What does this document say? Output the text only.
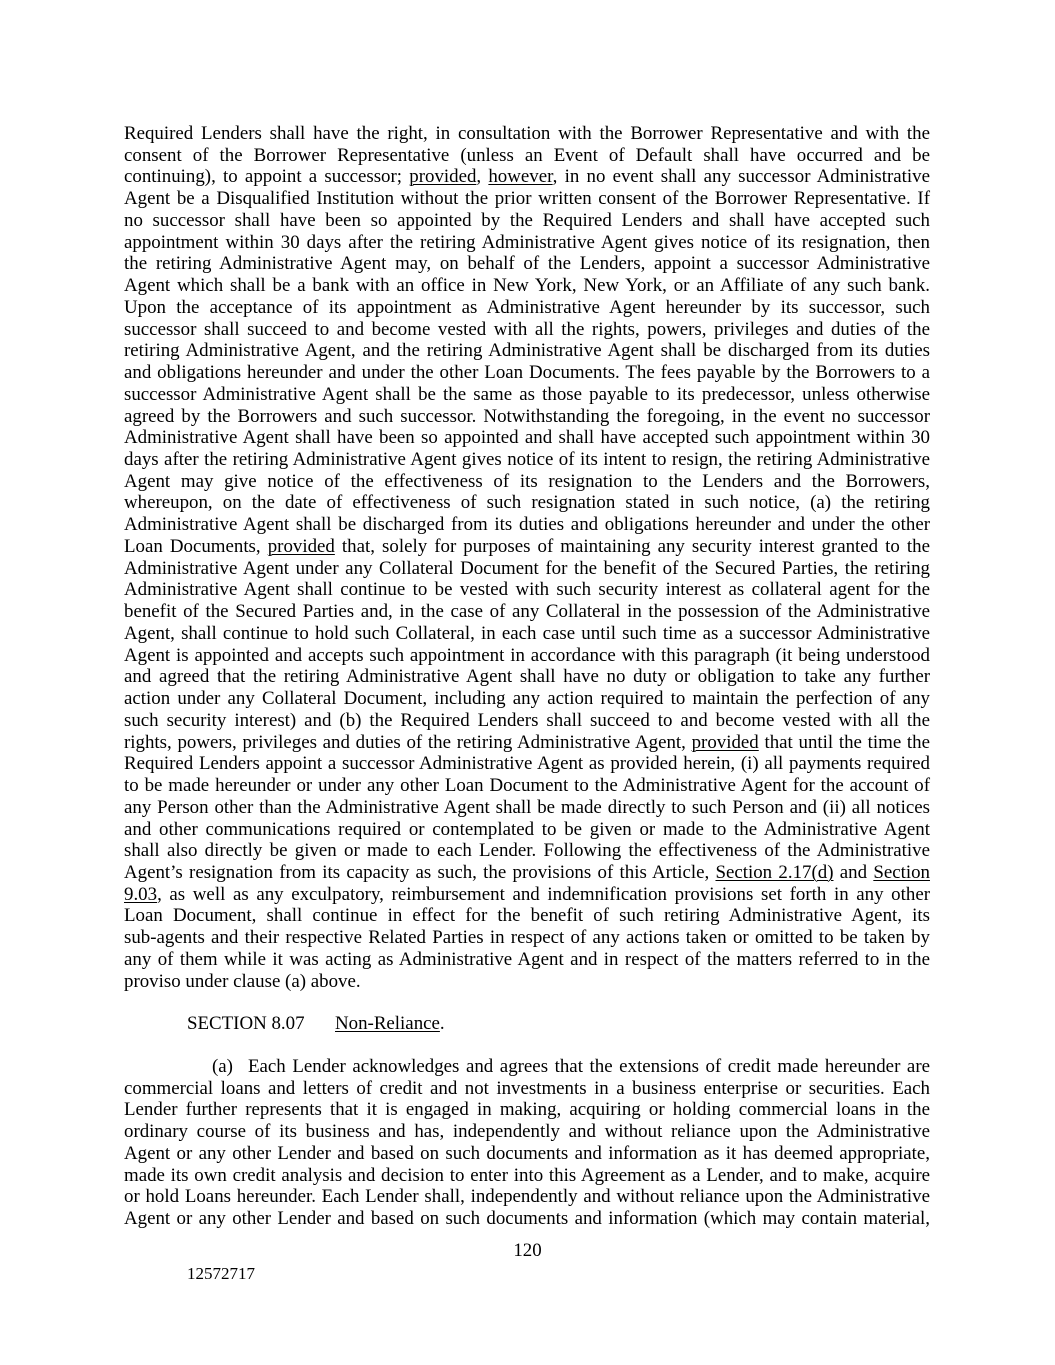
Required Lenders shall have the right, in consultation with the Borrower Representative and with the
consent of the Borrower Representative (unless an Event of Default shall have occurred and be
continuing), to appoint a successor; provided, however, in no event shall any successor Administrative
Agent be a Disqualified Institution without the prior written consent of the Borrower Representative. If
no successor shall have been so appointed by the Required Lenders and shall have accepted such
appointment within 30 days after the retiring Administrative Agent gives notice of its resignation, then
the retiring Administrative Agent may, on behalf of the Lenders, appoint a successor Administrative
Agent which shall be a bank with an office in New York, New York, or an Affiliate of any such bank.
Upon the acceptance of its appointment as Administrative Agent hereunder by its successor, such
successor shall succeed to and become vested with all the rights, powers, privileges and duties of the
retiring Administrative Agent, and the retiring Administrative Agent shall be discharged from its duties
and obligations hereunder and under the other Loan Documents. The fees payable by the Borrowers to a
successor Administrative Agent shall be the same as those payable to its predecessor, unless otherwise
agreed by the Borrowers and such successor. Notwithstanding the foregoing, in the event no successor
Administrative Agent shall have been so appointed and shall have accepted such appointment within 30
days after the retiring Administrative Agent gives notice of its intent to resign, the retiring Administrative
Agent may give notice of the effectiveness of its resignation to the Lenders and the Borrowers,
whereupon, on the date of effectiveness of such resignation stated in such notice, (a) the retiring
Administrative Agent shall be discharged from its duties and obligations hereunder and under the other
Loan Documents, provided that, solely for purposes of maintaining any security interest granted to the
Administrative Agent under any Collateral Document for the benefit of the Secured Parties, the retiring
Administrative Agent shall continue to be vested with such security interest as collateral agent for the
benefit of the Secured Parties and, in the case of any Collateral in the possession of the Administrative
Agent, shall continue to hold such Collateral, in each case until such time as a successor Administrative
Agent is appointed and accepts such appointment in accordance with this paragraph (it being understood
and agreed that the retiring Administrative Agent shall have no duty or obligation to take any further
action under any Collateral Document, including any action required to maintain the perfection of any
such security interest) and (b) the Required Lenders shall succeed to and become vested with all the
rights, powers, privileges and duties of the retiring Administrative Agent, provided that until the time the
Required Lenders appoint a successor Administrative Agent as provided herein, (i) all payments required
to be made hereunder or under any other Loan Document to the Administrative Agent for the account of
any Person other than the Administrative Agent shall be made directly to such Person and (ii) all notices
and other communications required or contemplated to be given or made to the Administrative Agent
shall also directly be given or made to each Lender. Following the effectiveness of the Administrative
Agent’s resignation from its capacity as such, the provisions of this Article, Section 2.17(d) and Section
9.03, as well as any exculpatory, reimbursement and indemnification provisions set forth in any other
Loan Document, shall continue in effect for the benefit of such retiring Administrative Agent, its
sub-agents and their respective Related Parties in respect of any actions taken or omitted to be taken by
any of them while it was acting as Administrative Agent and in respect of the matters referred to in the
proviso under clause (a) above.
SECTION 8.07 Non-Reliance.
(a) Each Lender acknowledges and agrees that the extensions of credit made hereunder are
commercial loans and letters of credit and not investments in a business enterprise or securities. Each
Lender further represents that it is engaged in making, acquiring or holding commercial loans in the
ordinary course of its business and has, independently and without reliance upon the Administrative
Agent or any other Lender and based on such documents and information as it has deemed appropriate,
made its own credit analysis and decision to enter into this Agreement as a Lender, and to make, acquire
or hold Loans hereunder. Each Lender shall, independently and without reliance upon the Administrative
Agent or any other Lender and based on such documents and information (which may contain material,
120
12572717
